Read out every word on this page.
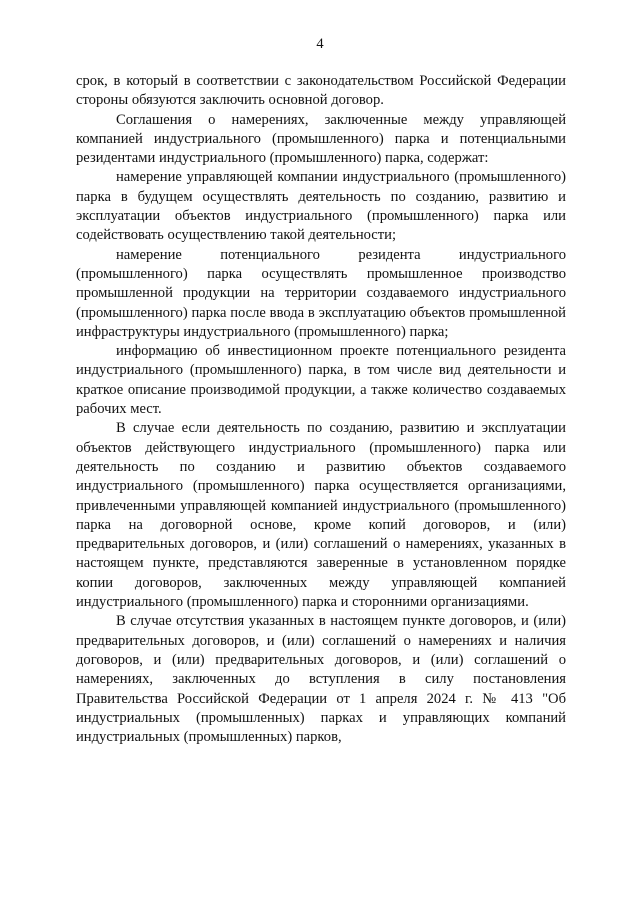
4

срок, в который в соответствии с законодательством Российской Федерации стороны обязуются заключить основной договор.

Соглашения о намерениях, заключенные между управляющей компанией индустриального (промышленного) парка и потенциальными резидентами индустриального (промышленного) парка, содержат:

намерение управляющей компании индустриального (промышленного) парка в будущем осуществлять деятельность по созданию, развитию и эксплуатации объектов индустриального (промышленного) парка или содействовать осуществлению такой деятельности;

намерение потенциального резидента индустриального (промышленного) парка осуществлять промышленное производство промышленной продукции на территории создаваемого индустриального (промышленного) парка после ввода в эксплуатацию объектов промышленной инфраструктуры индустриального (промышленного) парка;

информацию об инвестиционном проекте потенциального резидента индустриального (промышленного) парка, в том числе вид деятельности и краткое описание производимой продукции, а также количество создаваемых рабочих мест.

В случае если деятельность по созданию, развитию и эксплуатации объектов действующего индустриального (промышленного) парка или деятельность по созданию и развитию объектов создаваемого индустриального (промышленного) парка осуществляется организациями, привлеченными управляющей компанией индустриального (промышленного) парка на договорной основе, кроме копий договоров, и (или) предварительных договоров, и (или) соглашений о намерениях, указанных в настоящем пункте, представляются заверенные в установленном порядке копии договоров, заключенных между управляющей компанией индустриального (промышленного) парка и сторонними организациями.

В случае отсутствия указанных в настоящем пункте договоров, и (или) предварительных договоров, и (или) соглашений о намерениях и наличия договоров, и (или) предварительных договоров, и (или) соглашений о намерениях, заключенных до вступления в силу постановления Правительства Российской Федерации от 1 апреля 2024 г. № 413 "Об индустриальных (промышленных) парках и управляющих компаний индустриальных (промышленных) парков,
